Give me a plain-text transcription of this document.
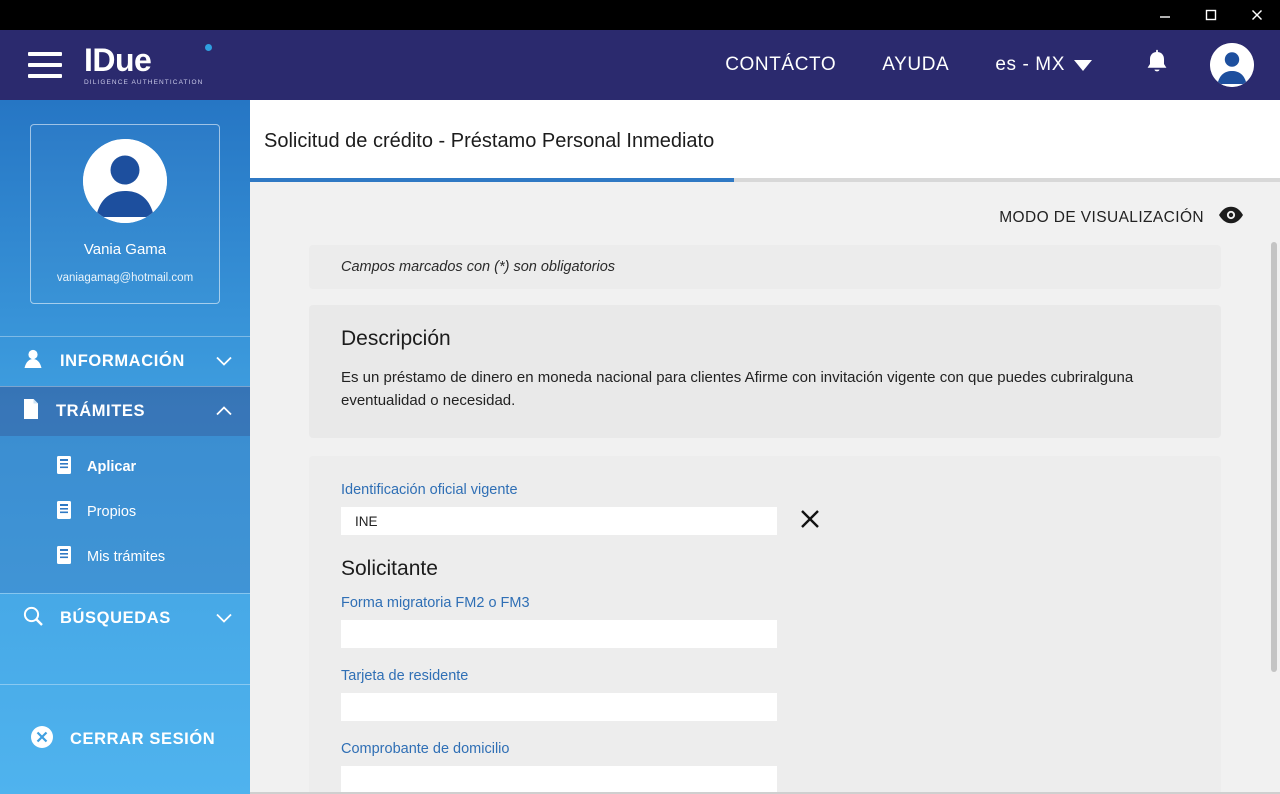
IDue
DILIGENCE AUTHENTICATION
CONTÁCTO AYUDA es - MX
Vania Gama
vaniagamag@hotmail.com
INFORMACIÓN
TRÁMITES
Aplicar
Propios
Mis trámites
BÚSQUEDAS
CERRAR SESIÓN
Solicitud de crédito - Préstamo Personal Inmediato
MODO DE VISUALIZACIÓN
Campos marcados con (*) son obligatorios
Descripción

Es un préstamo de dinero en moneda nacional para clientes Afirme con invitación vigente con que puedes cubriralguna eventualidad o necesidad.

Identificación oficial vigente
INE
Solicitante
Forma migratoria FM2 o FM3
Tarjeta de residente
Comprobante de domicilio
